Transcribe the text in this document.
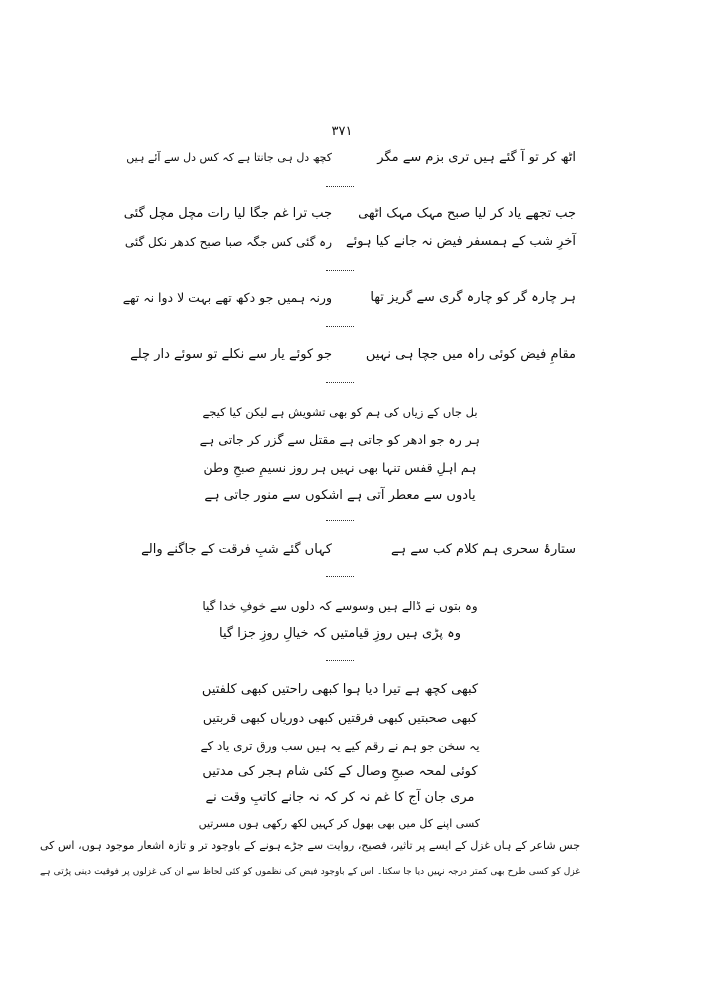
۳۷۱
اٹھ کر تو آ گئے ہیں تری بزم سے مگر
کچھ دل ہی جانتا ہے کہ کس دل سے آئے ہیں
جب تجھے یاد کر لیا صبح مہک مہک اٹھی
جب ترا غم جگا لیا رات مچل مچل گئی
آخرِ شب کے ہمسفر فیض نہ جانے کیا ہوئے
رہ گئی کس جگہ صبا صبح کدھر نکل گئی
ہر چارہ گر کو چارہ گری سے گریز تھا
ورنہ ہمیں جو دکھ تھے بہت لا دوا نہ تھے
مقامِ فیض کوئی راہ میں جچا ہی نہیں
جو کوئے یار سے نکلے تو سوئے دار چلے
بل جاں کے زیاں کی ہم کو بھی تشویش ہے لیکن کیا کیجے
ہر رہ جو ادھر کو جاتی ہے مقتل سے گزر کر جاتی ہے
ہم اہلِ قفس تنہا بھی نہیں ہر روز نسیمِ صبحِ وطن
یادوں سے معطر آتی ہے اشکوں سے منور جاتی ہے
ستارۂ سحری ہم کلام کب سے ہے
کہاں گئے شبِ فرقت کے جاگنے والے
وہ بتوں نے ڈالے ہیں وسوسے کہ دلوں سے خوفِ خدا گیا
وہ پڑی ہیں روزِ قیامتیں کہ خیالِ روزِ جزا گیا
کبھی کچھ ہے تیرا دیا ہوا کبھی راحتیں کبھی کلفتیں
کبھی صحبتیں کبھی فرقتیں کبھی دوریاں کبھی قربتیں
یہ سخن جو ہم نے رقم کیے یہ ہیں سب ورق تری یاد کے
کوئی لمحہ صبحِ وصال کے کئی شام ہجر کی مدتیں
مری جان آج کا غم نہ کر کہ نہ جانے کاتبِ وقت نے
کسی اپنے کل میں بھی بھول کر کہیں لکھ رکھی ہوں مسرتیں
جس شاعر کے ہاں غزل کے ایسے پر تاثیر، فصیح، روایت سے جڑے ہونے کے باوجود تر و تازہ اشعار موجود ہوں، اس کی
غزل کو کسی طرح بھی کمتر درجہ نہیں دیا جا سکتا۔ اس کے باوجود فیض کی نظموں کو کئی لحاظ سے ان کی غزلوں پر فوقیت دینی پڑتی ہے
